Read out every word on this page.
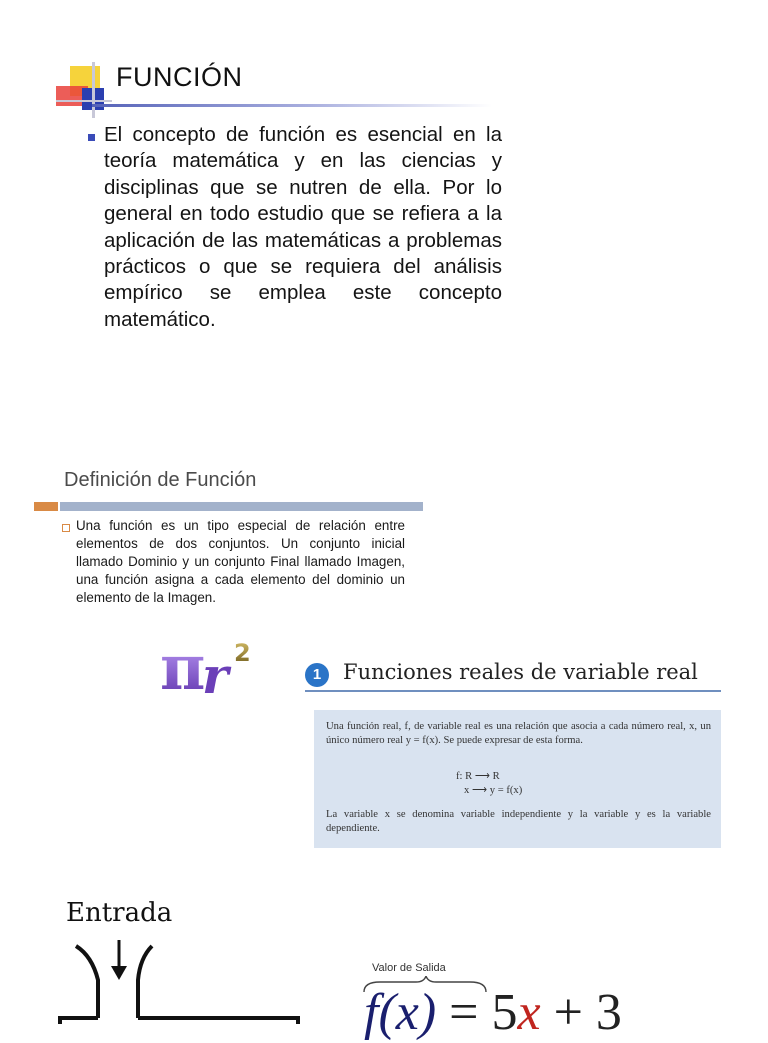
FUNCIÓN
El concepto de función es esencial en la teoría matemática y en las ciencias y disciplinas que se nutren de ella. Por lo general en todo estudio que se refiera a la aplicación de las matemáticas a problemas prácticos o que se requiera del análisis empírico se emplea este concepto matemático.
Definición de Función
Una función es un tipo especial de relación entre elementos de dos conjuntos. Un conjunto inicial llamado Dominio y un conjunto Final llamado Imagen, una función asigna a cada elemento del dominio un elemento de la Imagen.
π
r 2
1	Funciones reales de variable real
Una función real, f, de variable real es una relación que asocia a cada número real, x, un único número real y = f(x). Se puede expresar de esta forma.
f: R ⟶ R
x ⟶ y = f(x)
La variable x se denomina variable independiente y la variable y es la variable dependiente.
Entrada
Valor de Salida
f(x) = 5x + 3
